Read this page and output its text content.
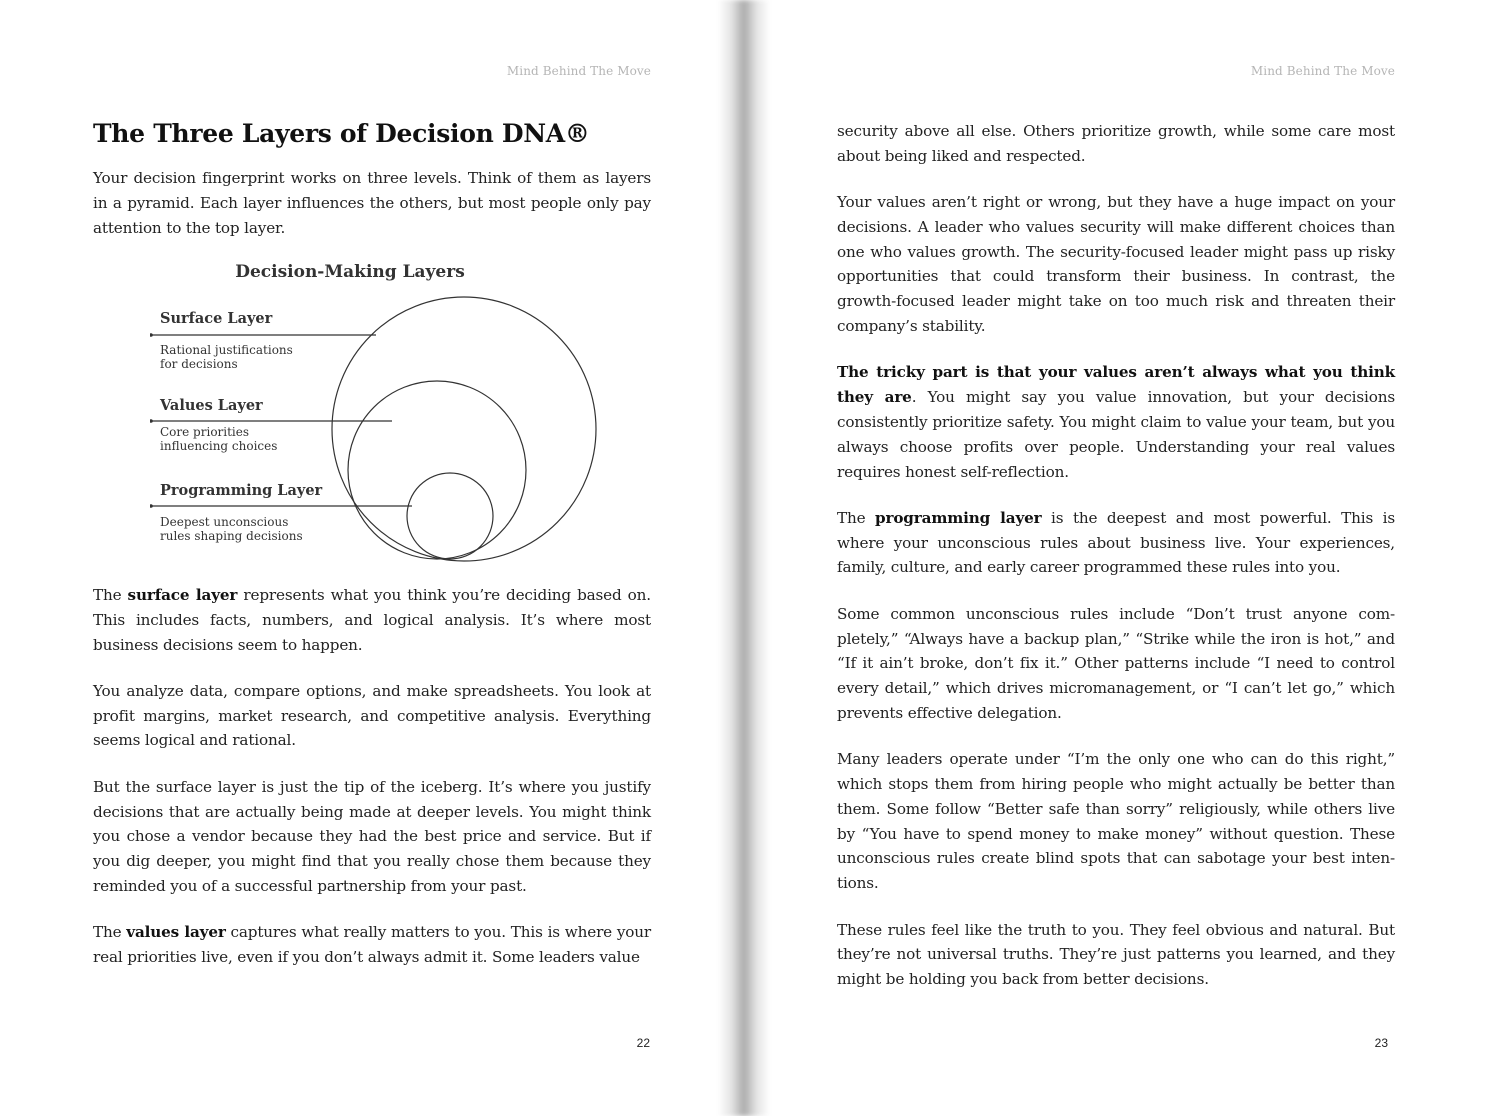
Mind Behind The Move
The Three Layers of Decision DNA®

Your decision fingerprint works on three levels. Think of them as layers in a pyramid. Each layer influences the others, but most people only pay attention to the top layer.

Decision-Making Layers
Surface Layer
Rational justifications
for decisions
Values Layer
Core priorities
influencing choices
Programming Layer
Deepest unconscious
rules shaping decisions

The surface layer represents what you think you’re deciding based on. This includes facts, numbers, and logical analysis. It’s where most business decisions seem to happen.

You analyze data, compare options, and make spreadsheets. You look at profit margins, market research, and competitive analysis. Everything seems logical and rational.

But the surface layer is just the tip of the iceberg. It’s where you justify decisions that are actually being made at deeper levels. You might think you chose a vendor because they had the best price and service. But if you dig deeper, you might find that you really chose them because they reminded you of a successful partnership from your past.

The values layer captures what really matters to you. This is where your real priorities live, even if you don’t always admit it. Some leaders value

22
Mind Behind The Move

security above all else. Others prioritize growth, while some care most about being liked and respected.

Your values aren’t right or wrong, but they have a huge impact on your decisions. A leader who values security will make different choices than one who values growth. The security-focused leader might pass up risky opportunities that could transform their business. In contrast, the growth-focused leader might take on too much risk and threaten their company’s stability.

The tricky part is that your values aren’t always what you think they are. You might say you value innovation, but your decisions consistently prioritize safety. You might claim to value your team, but you always choose profits over people. Understanding your real values requires honest self-reflection.

The programming layer is the deepest and most powerful. This is where your unconscious rules about business live. Your experiences, family, culture, and early career programmed these rules into you.

Some common unconscious rules include “Don’t trust anyone com-pletely,” “Always have a backup plan,” “Strike while the iron is hot,” and “If it ain’t broke, don’t fix it.” Other patterns include “I need to control every detail,” which drives micromanagement, or “I can’t let go,” which prevents effective delegation.

Many leaders operate under “I’m the only one who can do this right,” which stops them from hiring people who might actually be better than them. Some follow “Better safe than sorry” religiously, while others live by “You have to spend money to make money” without question. These unconscious rules create blind spots that can sabotage your best inten-tions.

These rules feel like the truth to you. They feel obvious and natural. But they’re not universal truths. They’re just patterns you learned, and they might be holding you back from better decisions.

23
